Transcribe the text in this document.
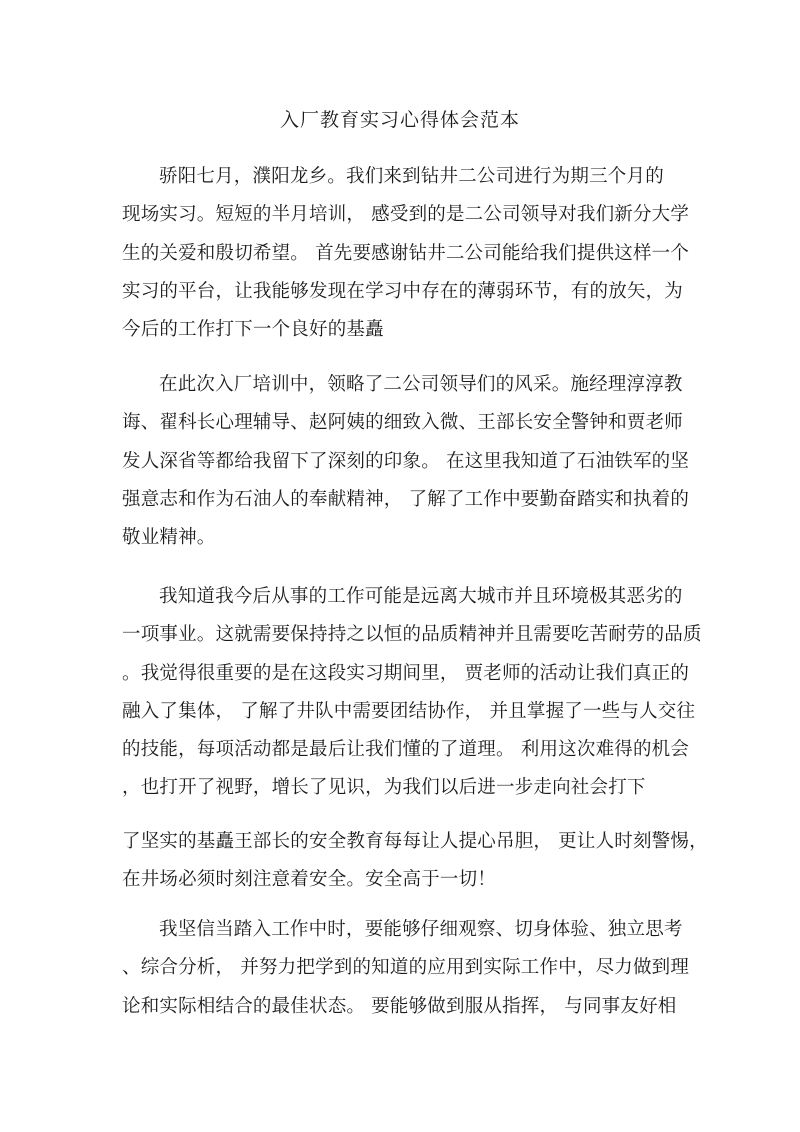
入厂教育实习心得体会范本
骄阳七月，濮阳龙乡。我们来到钻井二公司进行为期三个月的
现场实习。短短的半月培训， 感受到的是二公司领导对我们新分大学
生的关爱和殷切希望。 首先要感谢钻井二公司能给我们提供这样一个
实习的平台，让我能够发现在学习中存在的薄弱环节，有的放矢，为
今后的工作打下一个良好的基矗
在此次入厂培训中，领略了二公司领导们的风采。施经理淳淳教
诲、翟科长心理辅导、赵阿姨的细致入微、王部长安全警钟和贾老师
发人深省等都给我留下了深刻的印象。 在这里我知道了石油铁军的坚
强意志和作为石油人的奉献精神， 了解了工作中要勤奋踏实和执着的
敬业精神。
我知道我今后从事的工作可能是远离大城市并且环境极其恶劣的
一项事业。这就需要保持持之以恒的品质精神并且需要吃苦耐劳的品质
。我觉得很重要的是在这段实习期间里， 贾老师的活动让我们真正的
融入了集体， 了解了井队中需要团结协作， 并且掌握了一些与人交往
的技能，每项活动都是最后让我们懂的了道理。 利用这次难得的机会
，也打开了视野，增长了见识，为我们以后进一步走向社会打下
了坚实的基矗王部长的安全教育每每让人提心吊胆， 更让人时刻警惕，
在井场必须时刻注意着安全。安全高于一切！
我坚信当踏入工作中时，要能够仔细观察、切身体验、独立思考
、综合分析， 并努力把学到的知道的应用到实际工作中，尽力做到理
论和实际相结合的最佳状态。 要能够做到服从指挥， 与同事友好相
